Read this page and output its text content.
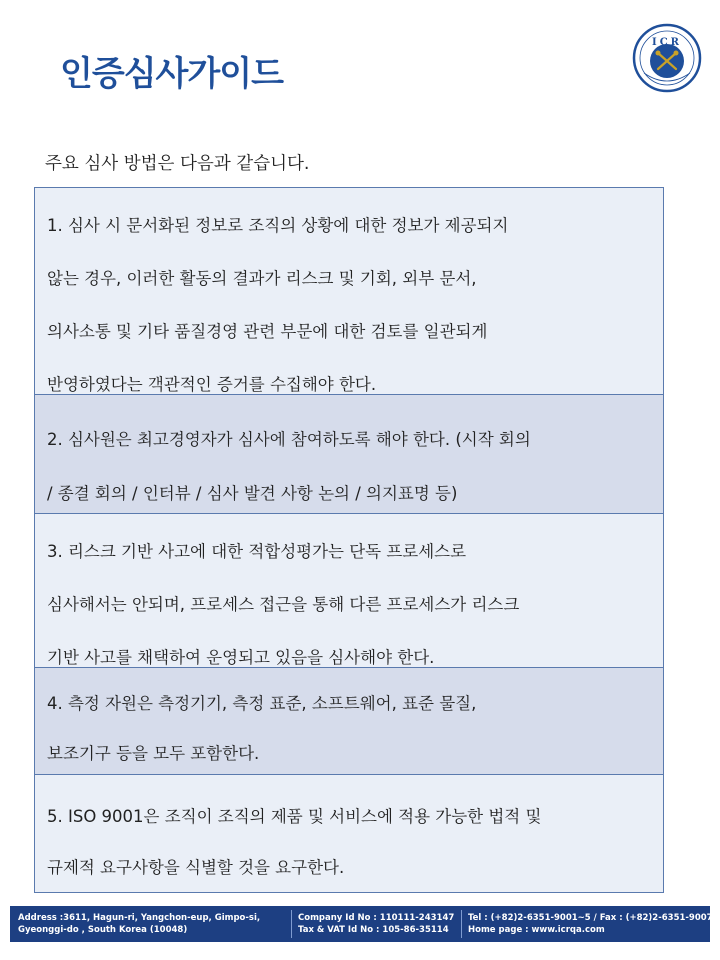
인증심사가이드
ICR
주요 심사 방법은 다음과 같습니다.

1. 심사 시 문서화된 정보로 조직의 상황에 대한 정보가 제공되지

않는 경우, 이러한 활동의 결과가 리스크 및 기회, 외부 문서,

의사소통 및 기타 품질경영 관련 부문에 대한 검토를 일관되게

반영하였다는 객관적인 증거를 수집해야 한다.

2. 심사원은 최고경영자가 심사에 참여하도록 해야 한다. (시작 회의

/ 종결 회의 / 인터뷰 / 심사 발견 사항 논의 / 의지표명 등)

3. 리스크 기반 사고에 대한 적합성평가는 단독 프로세스로

심사해서는 안되며, 프로세스 접근을 통해 다른 프로세스가 리스크

기반 사고를 채택하여 운영되고 있음을 심사해야 한다.

4. 측정 자원은 측정기기, 측정 표준, 소프트웨어, 표준 물질,

보조기구 등을 모두 포함한다.

5. ISO 9001은 조직이 조직의 제품 및 서비스에 적용 가능한 법적 및

규제적 요구사항을 식별할 것을 요구한다.

Address :3611, Hagun-ri, Yangchon-eup, Gimpo-si,
Gyeonggi-do , South Korea (10048)
Company Id No : 110111-243147
Tax & VAT Id No : 105-86-35114
Tel : (+82)2-6351-9001~5 / Fax : (+82)2-6351-9007
Home page : www.icrqa.com
